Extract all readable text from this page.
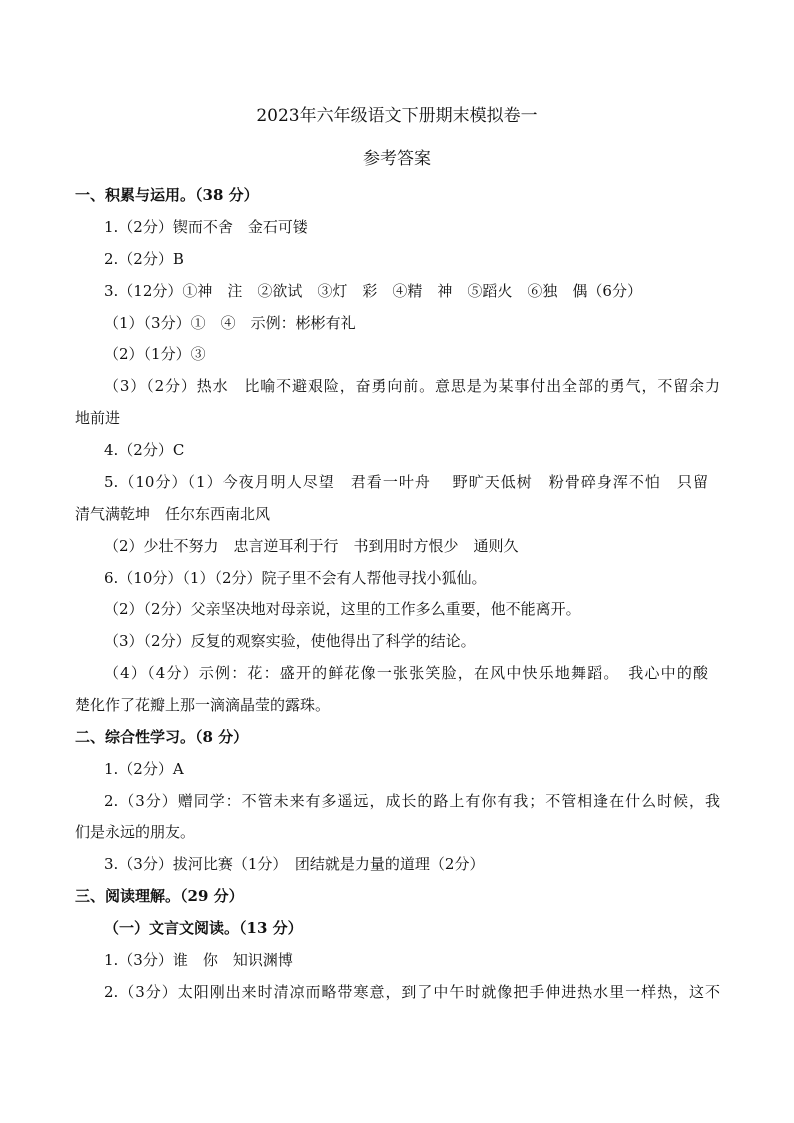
2023年六年级语文下册期末模拟卷一
参考答案
一、积累与运用。（38 分）
1.（2分）锲而不舍　金石可镂
2.（2分）B
3.（12分）①神　注　②欲试　③灯　彩　④精　神　⑤蹈火　⑥独　偶（6分）
（1）（3分）①　④　示例：彬彬有礼
（2）（1分）③
（3）（2分）热水　比喻不避艰险，奋勇向前。意思是为某事付出全部的勇气，不留余力
地前进
4.（2分）C
5.（10分）（1）今夜月明人尽望　君看一叶舟　 野旷天低树　粉骨碎身浑不怕　只留
清气满乾坤　任尔东西南北风
（2）少壮不努力　忠言逆耳利于行　书到用时方恨少　通则久
6.（10分）（1）（2分）院子里不会有人帮他寻找小狐仙。
（2）（2分）父亲坚决地对母亲说，这里的工作多么重要，他不能离开。
（3）（2分）反复的观察实验，使他得出了科学的结论。
（4）（4分）示例：花：盛开的鲜花像一张张笑脸，在风中快乐地舞蹈。　我心中的酸
楚化作了花瓣上那一滴滴晶莹的露珠。
二、综合性学习。（8 分）
1.（2分）A
2.（3分）赠同学：不管未来有多遥远，成长的路上有你有我；不管相逢在什么时候，我
们是永远的朋友。
3.（3分）拔河比赛（1分）　团结就是力量的道理（2分）
三、阅读理解。（29 分）
（一）文言文阅读。（13 分）
1.（3分）谁　你　知识渊博
2.（3分）太阳刚出来时清凉而略带寒意，到了中午时就像把手伸进热水里一样热，这不
